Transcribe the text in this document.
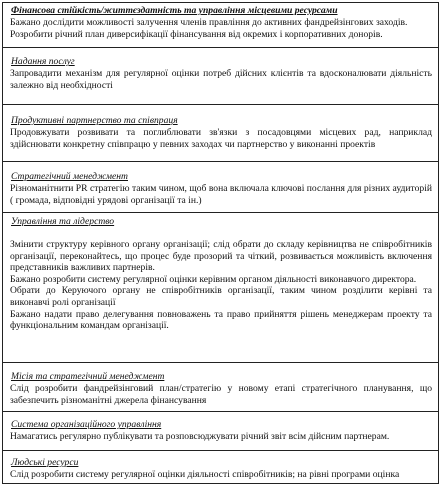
Фінансова стійкість/життєздатність та управління місцевими ресурсами

Бажано дослідити можливості залучення членів правління до активних фандрейзінгових заходів.

Розробити річний план диверсифікації фінансування від окремих і корпоративних донорів.

Надання послуг

Запровадити механізм для регулярної оцінки потреб дійсних клієнтів та вдосконалювати діяльність залежно від необхідності

Продуктивні партнерство та співпраця

Продовжувати розвивати та поглиблювати зв'язки з посадовцями місцевих рад, наприклад здійснювати конкретну співпрацю у певних заходах чи партнерство у виконанні проектів

Стратегічний менеджмент

Різноманітнити PR стратегію таким чином, щоб вона включала ключові послання для різних аудиторій ( громада, відповідні урядові організації та ін.)

Управління та лідерство

Змінити структуру керівного органу організації; слід обрати до складу керівництва не співробітників організації, переконайтесь, що процес буде прозорий та чіткий, розвивається можливість включення представників важливих партнерів.

Бажано розробити систему регулярної оцінки керівним органом діяльності виконавчого директора.

Обрати до Керуючого органу не співробітників організації, таким чином розділити керівні та виконавчі ролі організації

Бажано надати право делегування повноважень та право прийняття рішень менеджерам проекту та функціональним командам організації.

Місія та стратегічний менеджмент

Слід розробити фандрейзінговий план/стратегію у новому етапі стратегічного планування, що забезпечить різноманітні джерела фінансування

Система організаційного управління

Намагатись регулярно публікувати та розповсюджувати річний звіт всім дійсним партнерам.

Людські ресурси

Слід розробити систему регулярної оцінки діяльності співробітників; на рівні програми оцінка
